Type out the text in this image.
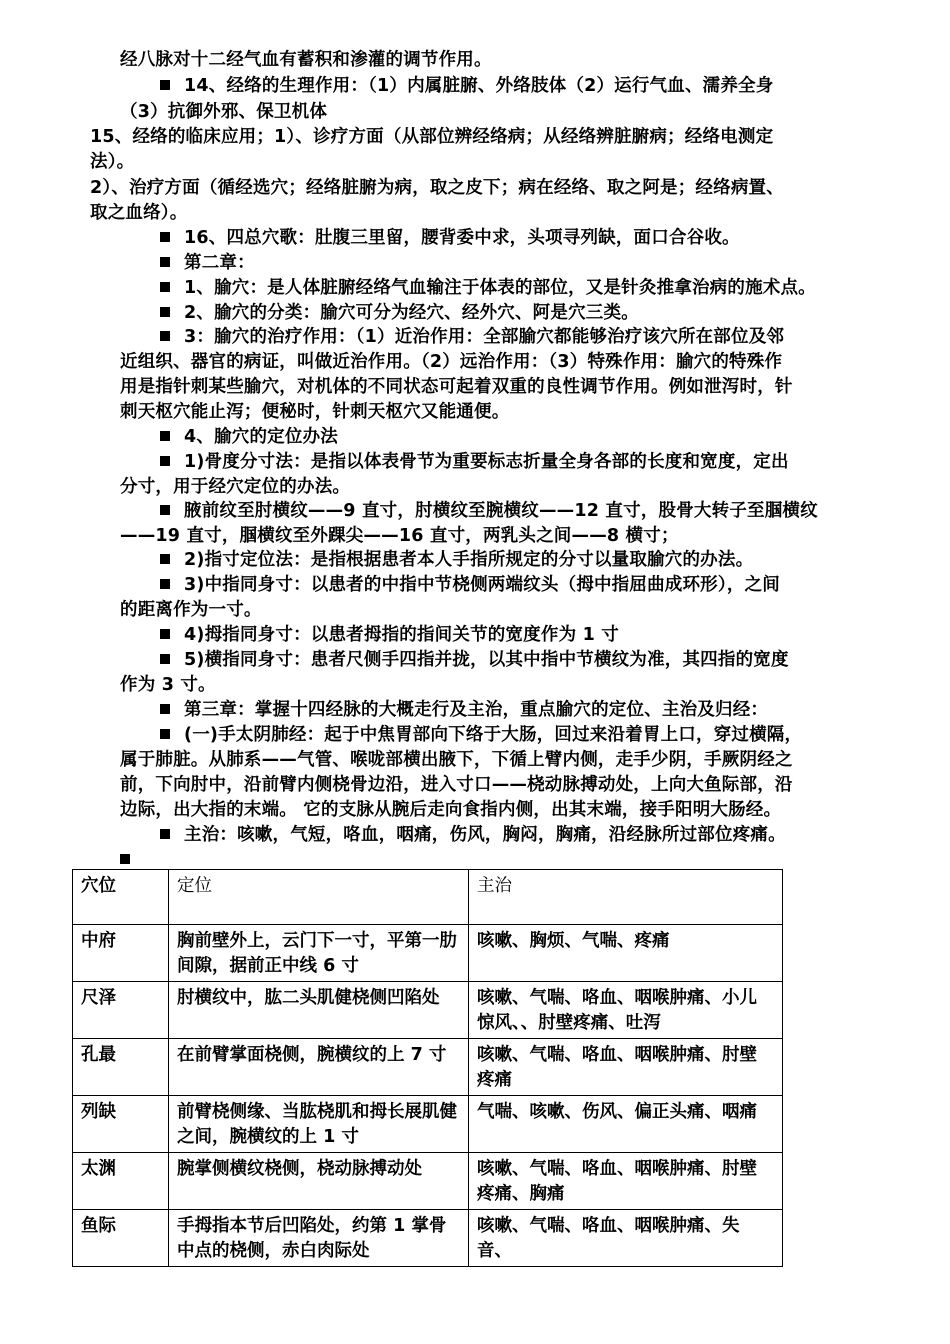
经八脉对十二经气血有蓄积和渗灌的调节作用。
14、经络的生理作用：（1）内属脏腑、外络肢体（2）运行气血、濡养全身
（3）抗御外邪、保卫机体
15、经络的临床应用；1）、诊疗方面（从部位辨经络病；从经络辨脏腑病；经络电测定
法）。
2）、治疗方面（循经选穴；经络脏腑为病，取之皮下；病在经络、取之阿是；经络病置、
取之血络）。
16、四总穴歌：肚腹三里留，腰背委中求，头项寻列缺，面口合谷收。
第二章：
1、腧穴：是人体脏腑经络气血输注于体表的部位，又是针灸推拿治病的施术点。
2、腧穴的分类：腧穴可分为经穴、经外穴、阿是穴三类。
3：腧穴的治疗作用：（1）近治作用：全部腧穴都能够治疗该穴所在部位及邻
近组织、器官的病证，叫做近治作用。（2）远治作用：（3）特殊作用：腧穴的特殊作
用是指针刺某些腧穴，对机体的不同状态可起着双重的良性调节作用。例如泄泻时，针
刺天枢穴能止泻；便秘时，针刺天枢穴又能通便。
4、腧穴的定位办法
1)骨度分寸法：是指以体表骨节为重要标志折量全身各部的长度和宽度，定出
分寸，用于经穴定位的办法。
腋前纹至肘横纹——9 直寸，肘横纹至腕横纹——12 直寸，股骨大转子至腘横纹
——19 直寸，腘横纹至外踝尖——16 直寸，两乳头之间——8 横寸；
2)指寸定位法：是指根据患者本人手指所规定的分寸以量取腧穴的办法。
3)中指同身寸：以患者的中指中节桡侧两端纹头（拇中指屈曲成环形），之间
的距离作为一寸。
4)拇指同身寸：以患者拇指的指间关节的宽度作为 1 寸
5)横指同身寸：患者尺侧手四指并拢，以其中指中节横纹为准，其四指的宽度
作为 3 寸。
第三章：掌握十四经脉的大概走行及主治，重点腧穴的定位、主治及归经：
(一)手太阴肺经：起于中焦胃部向下络于大肠，回过来沿着胃上口，穿过横隔，
属于肺脏。从肺系——气管、喉咙部横出腋下，下循上臂内侧，走手少阴，手厥阴经之
前，下向肘中，沿前臂内侧桡骨边沿，进入寸口——桡动脉搏动处，上向大鱼际部，沿
边际，出大指的末端。 它的支脉从腕后走向食指内侧，出其末端，接手阳明大肠经。
主治：咳嗽，气短，咯血，咽痛，伤风，胸闷，胸痛，沿经脉所过部位疼痛。
穴位	定位	主治
中府	胸前壁外上，云门下一寸，平第一肋间隙，据前正中线 6 寸	咳嗽、胸烦、气喘、疼痛
尺泽	肘横纹中，肱二头肌健桡侧凹陷处	咳嗽、气喘、咯血、咽喉肿痛、小儿惊风、、肘壁疼痛、吐泻
孔最	在前臂掌面桡侧，腕横纹的上 7 寸	咳嗽、气喘、咯血、咽喉肿痛、肘壁疼痛
列缺	前臂桡侧缘、当肱桡肌和拇长展肌健之间，腕横纹的上 1 寸	气喘、咳嗽、伤风、偏正头痛、咽痛
太渊	腕掌侧横纹桡侧，桡动脉搏动处	咳嗽、气喘、咯血、咽喉肿痛、肘壁疼痛、胸痛
鱼际	手拇指本节后凹陷处，约第 1 掌骨中点的桡侧，赤白肉际处	咳嗽、气喘、咯血、咽喉肿痛、失音、
